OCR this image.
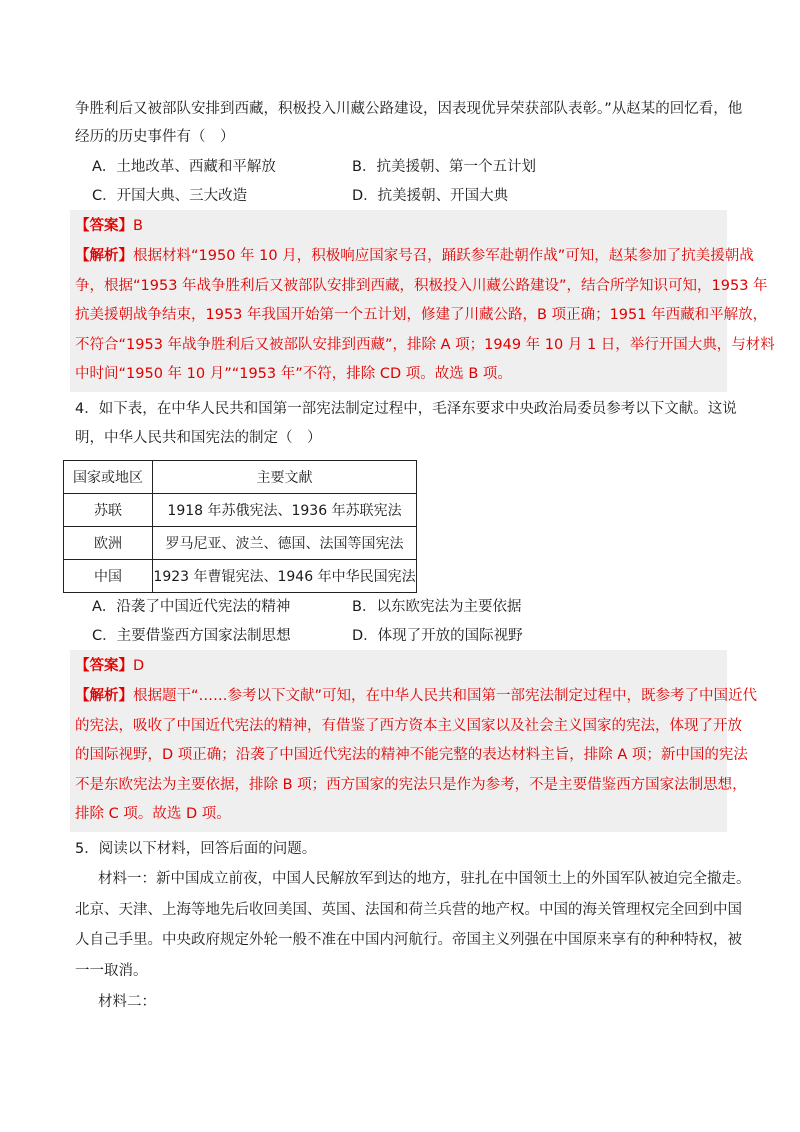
争胜利后又被部队安排到西藏，积极投入川藏公路建设，因表现优异荣获部队表彰。”从赵某的回忆看，他
经历的历史事件有（　）
A．土地改革、西藏和平解放	B．抗美援朝、第一个五计划
C．开国大典、三大改造	D．抗美援朝、开国大典
【答案】B
【解析】根据材料“1950 年 10 月，积极响应国家号召，踊跃参军赴朝作战”可知，赵某参加了抗美援朝战
争，根据“1953 年战争胜利后又被部队安排到西藏，积极投入川藏公路建设”，结合所学知识可知，1953 年
抗美援朝战争结束，1953 年我国开始第一个五计划，修建了川藏公路，B 项正确；1951 年西藏和平解放，
不符合“1953 年战争胜利后又被部队安排到西藏”，排除 A 项；1949 年 10 月 1 日，举行开国大典，与材料
中时间“1950 年 10 月”“1953 年”不符，排除 CD 项。故选 B 项。
4．如下表，在中华人民共和国第一部宪法制定过程中，毛泽东要求中央政治局委员参考以下文献。这说
明，中华人民共和国宪法的制定（　）
国家或地区	主要文献
苏联	1918 年苏俄宪法、1936 年苏联宪法
欧洲	罗马尼亚、波兰、德国、法国等国宪法
中国	1923 年曹锟宪法、1946 年中华民国宪法
A．沿袭了中国近代宪法的精神	B．以东欧宪法为主要依据
C．主要借鉴西方国家法制思想	D．体现了开放的国际视野
【答案】D
【解析】根据题干“……参考以下文献”可知，在中华人民共和国第一部宪法制定过程中，既参考了中国近代
的宪法，吸收了中国近代宪法的精神，有借鉴了西方资本主义国家以及社会主义国家的宪法，体现了开放
的国际视野，D 项正确；沿袭了中国近代宪法的精神不能完整的表达材料主旨，排除 A 项；新中国的宪法
不是东欧宪法为主要依据，排除 B 项；西方国家的宪法只是作为参考，不是主要借鉴西方国家法制思想，
排除 C 项。故选 D 项。
5．阅读以下材料，回答后面的问题。
材料一：新中国成立前夜，中国人民解放军到达的地方，驻扎在中国领土上的外国军队被迫完全撤走。
北京、天津、上海等地先后收回美国、英国、法国和荷兰兵营的地产权。中国的海关管理权完全回到中国
人自己手里。中央政府规定外轮一般不准在中国内河航行。帝国主义列强在中国原来享有的种种特权，被
一一取消。
材料二：
